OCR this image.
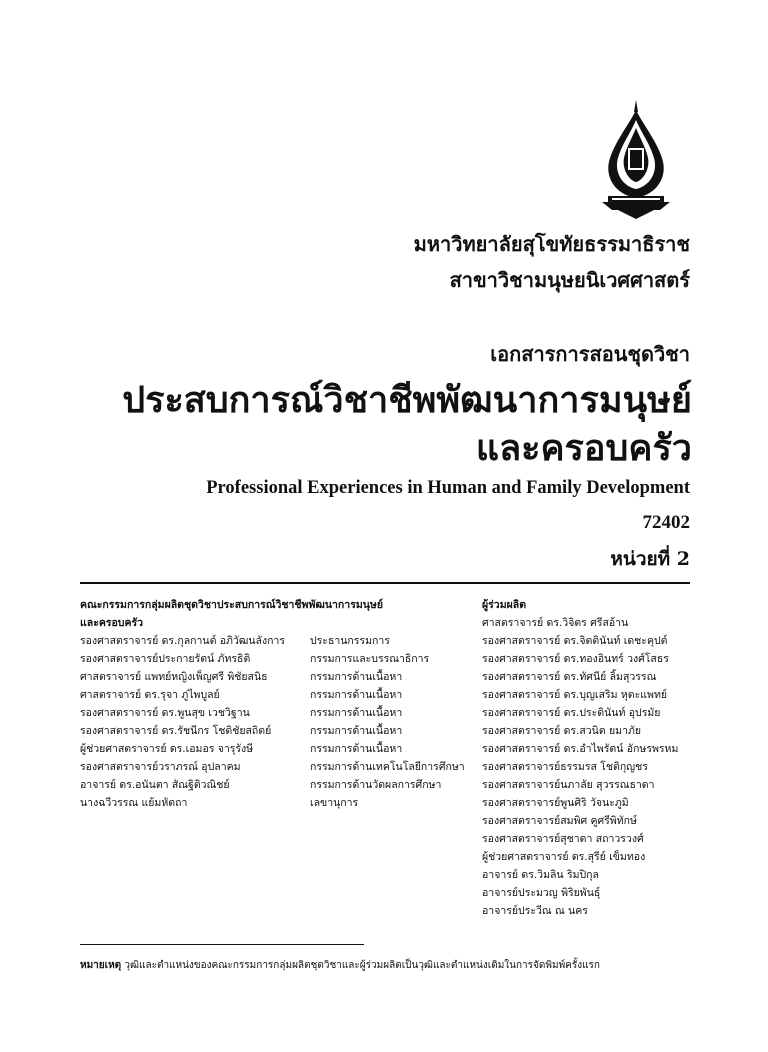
มหาวิทยาลัยสุโขทัยธรรมาธิราช
สาขาวิชามนุษยนิเวศศาสตร์
เอกสารการสอนชุดวิชา
ประสบการณ์วิชาชีพพัฒนาการมนุษย์
และครอบครัว
Professional Experiences in Human and Family Development
72402
หน่วยที่ 2
คณะกรรมการกลุ่มผลิตชุดวิชาประสบการณ์วิชาชีพพัฒนาการมนุษย์
และครอบครัว
รองศาสตราจารย์ ดร.กุลกานต์ อภิวัฒนลังการ
รองศาสตราจารย์ประกายรัตน์ ภัทรธิติ
ศาสตราจารย์ แพทย์หญิงเพ็ญศรี พิชัยสนิธ
ศาสตราจารย์ ดร.รุจา ภู่ไพบูลย์
รองศาสตราจารย์ ดร.พูนสุข เวชวิฐาน
รองศาสตราจารย์ ดร.รัชนีกร โชติชัยสถิตย์
ผู้ช่วยศาสตราจารย์ ดร.เอมอร จารุรังษี
รองศาสตราจารย์วราภรณ์ อุปลาคม
อาจารย์ ดร.อนันตา สัณฐิติวณิชย์
นางฉวีวรรณ แย้มหัตถา
ประธานกรรมการ
กรรมการและบรรณาธิการ
กรรมการด้านเนื้อหา
กรรมการด้านเนื้อหา
กรรมการด้านเนื้อหา
กรรมการด้านเนื้อหา
กรรมการด้านเนื้อหา
กรรมการด้านเทคโนโลยีการศึกษา
กรรมการด้านวัดผลการศึกษา
เลขานุการ
ผู้ร่วมผลิต
ศาสตราจารย์ ดร.วิจิตร ศรีสอ้าน
รองศาสตราจารย์ ดร.จิตตินันท์ เดชะคุปต์
รองศาสตราจารย์ ดร.ทองอินทร์ วงศ์โสธร
รองศาสตราจารย์ ดร.ทัศนีย์ ลิ้มสุวรรณ
รองศาสตราจารย์ ดร.บุญเสริม หุตะแพทย์
รองศาสตราจารย์ ดร.ประดินันท์ อุปรมัย
รองศาสตราจารย์ ดร.สวนิต ยมาภัย
รองศาสตราจารย์ ดร.อำไพรัตน์ อักษรพรหม
รองศาสตราจารย์ธรรมรส โชติกุญชร
รองศาสตราจารย์นภาลัย สุวรรณธาดา
รองศาสตราจารย์พูนศิริ วัจนะภูมิ
รองศาสตราจารย์สมพิศ คูศรีพิทักษ์
รองศาสตราจารย์สุชาดา สถาวรวงศ์
ผู้ช่วยศาสตราจารย์ ดร.สุรีย์ เข็มทอง
อาจารย์ ดร.วิมลิน ริมปิกุล
อาจารย์ประมวญ พิริยพันธุ์
อาจารย์ประวีณ ณ นคร
หมายเหตุ วุฒิและตำแหน่งของคณะกรรมการกลุ่มผลิตชุดวิชาและผู้ร่วมผลิตเป็นวุฒิและตำแหน่งเดิมในการจัดพิมพ์ครั้งแรก
